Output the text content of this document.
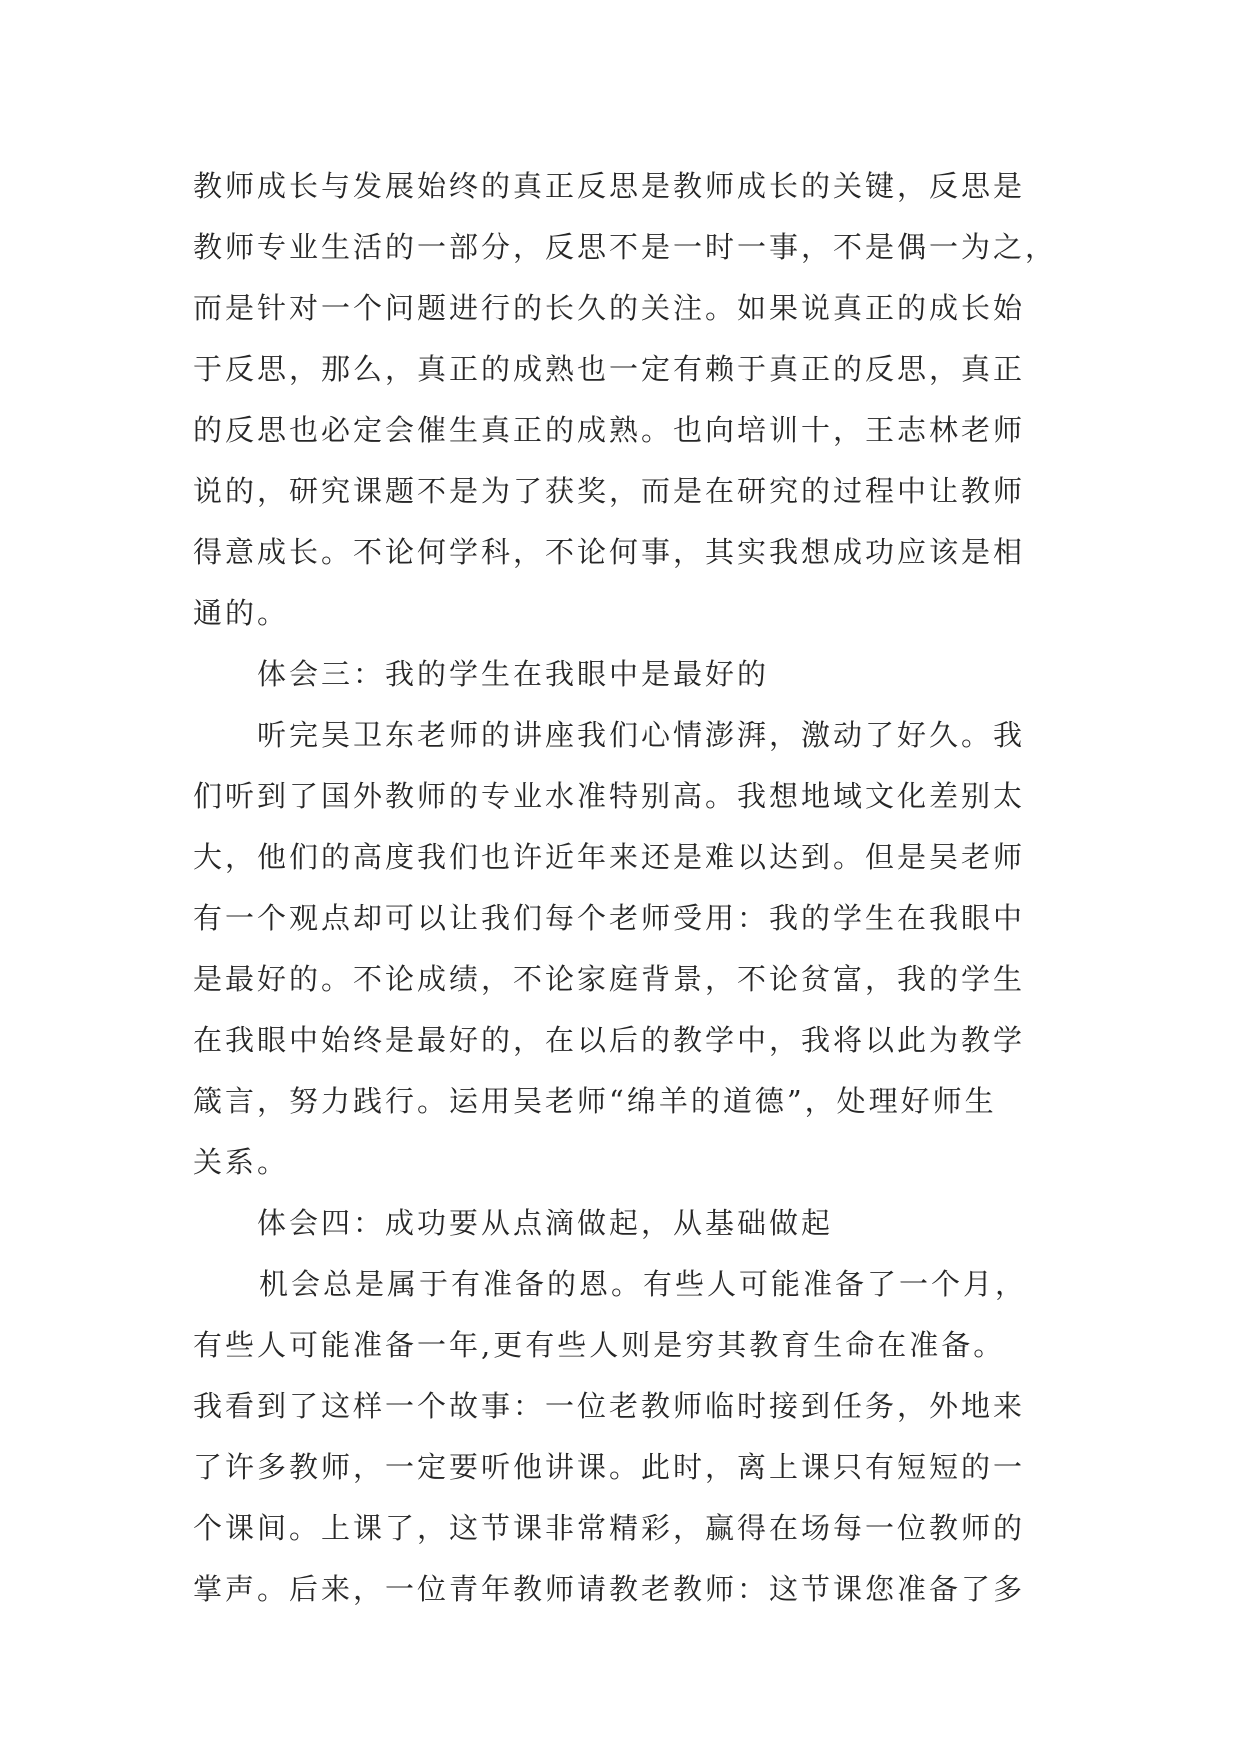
教师成长与发展始终的真正反思是教师成长的关键，反思是
教师专业生活的一部分，反思不是一时一事，不是偶一为之，
而是针对一个问题进行的长久的关注。如果说真正的成长始
于反思，那么，真正的成熟也一定有赖于真正的反思，真正
的反思也必定会催生真正的成熟。也向培训十，王志林老师
说的，研究课题不是为了获奖，而是在研究的过程中让教师
得意成长。不论何学科，不论何事，其实我想成功应该是相
通的。
体会三：我的学生在我眼中是最好的
听完吴卫东老师的讲座我们心情澎湃，激动了好久。我
们听到了国外教师的专业水准特别高。我想地域文化差别太
大，他们的高度我们也许近年来还是难以达到。但是吴老师
有一个观点却可以让我们每个老师受用：我的学生在我眼中
是最好的。不论成绩，不论家庭背景，不论贫富，我的学生
在我眼中始终是最好的，在以后的教学中，我将以此为教学
箴言，努力践行。运用吴老师“绵羊的道德”，处理好师生
关系。
体会四：成功要从点滴做起，从基础做起
机会总是属于有准备的恩。有些人可能准备了一个月，
有些人可能准备一年,更有些人则是穷其教育生命在准备。
我看到了这样一个故事：一位老教师临时接到任务，外地来
了许多教师，一定要听他讲课。此时，离上课只有短短的一
个课间。上课了，这节课非常精彩，赢得在场每一位教师的
掌声。后来，一位青年教师请教老教师：这节课您准备了多
